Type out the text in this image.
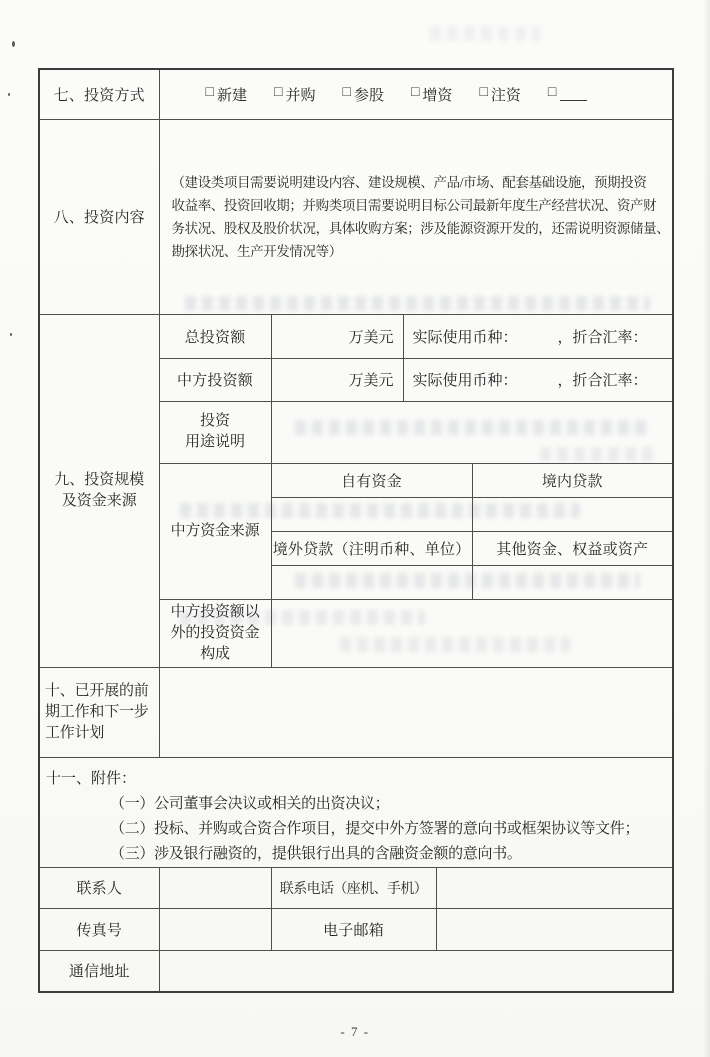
七、投资方式	□ 新建 □ 并购 □ 参股 □ 增资 □ 注资 □

八、投资内容	（建设类项目需要说明建设内容、建设规模、产品/市场、配套基础设施，预期投资
收益率、投资回收期；并购类项目需要说明目标公司最新年度生产经营状况、资产财
务状况、股权及股价状况，具体收购方案；涉及能源资源开发的，还需说明资源储量、
勘探状况、生产开发情况等）				

九、投资规模
及资金来源	总投资额	万美元	实际使用币种： ，折合汇率：		
	中方投资额	万美元	实际使用币种： ，折合汇率：		

	投资
用途说明				

	中方资金来源	自有资金			境内贷款

		境外贷款（注明币种、单位）			其他资金、权益或资产

	中方投资额以外的投资资金构成				

十、已开展的前期工作和下一步工作计划					

十一、附件：
（一）公司董事会决议或相关的出资决议；
（二）投标、并购或合资合作项目，提交中外方签署的意向书或框架协议等文件；
（三）涉及银行融资的，提供银行出具的含融资金额的意向书。					

联系人		联系电话（座机、手机）			
传真号		电子邮箱			
通信地址					
- 7 -
